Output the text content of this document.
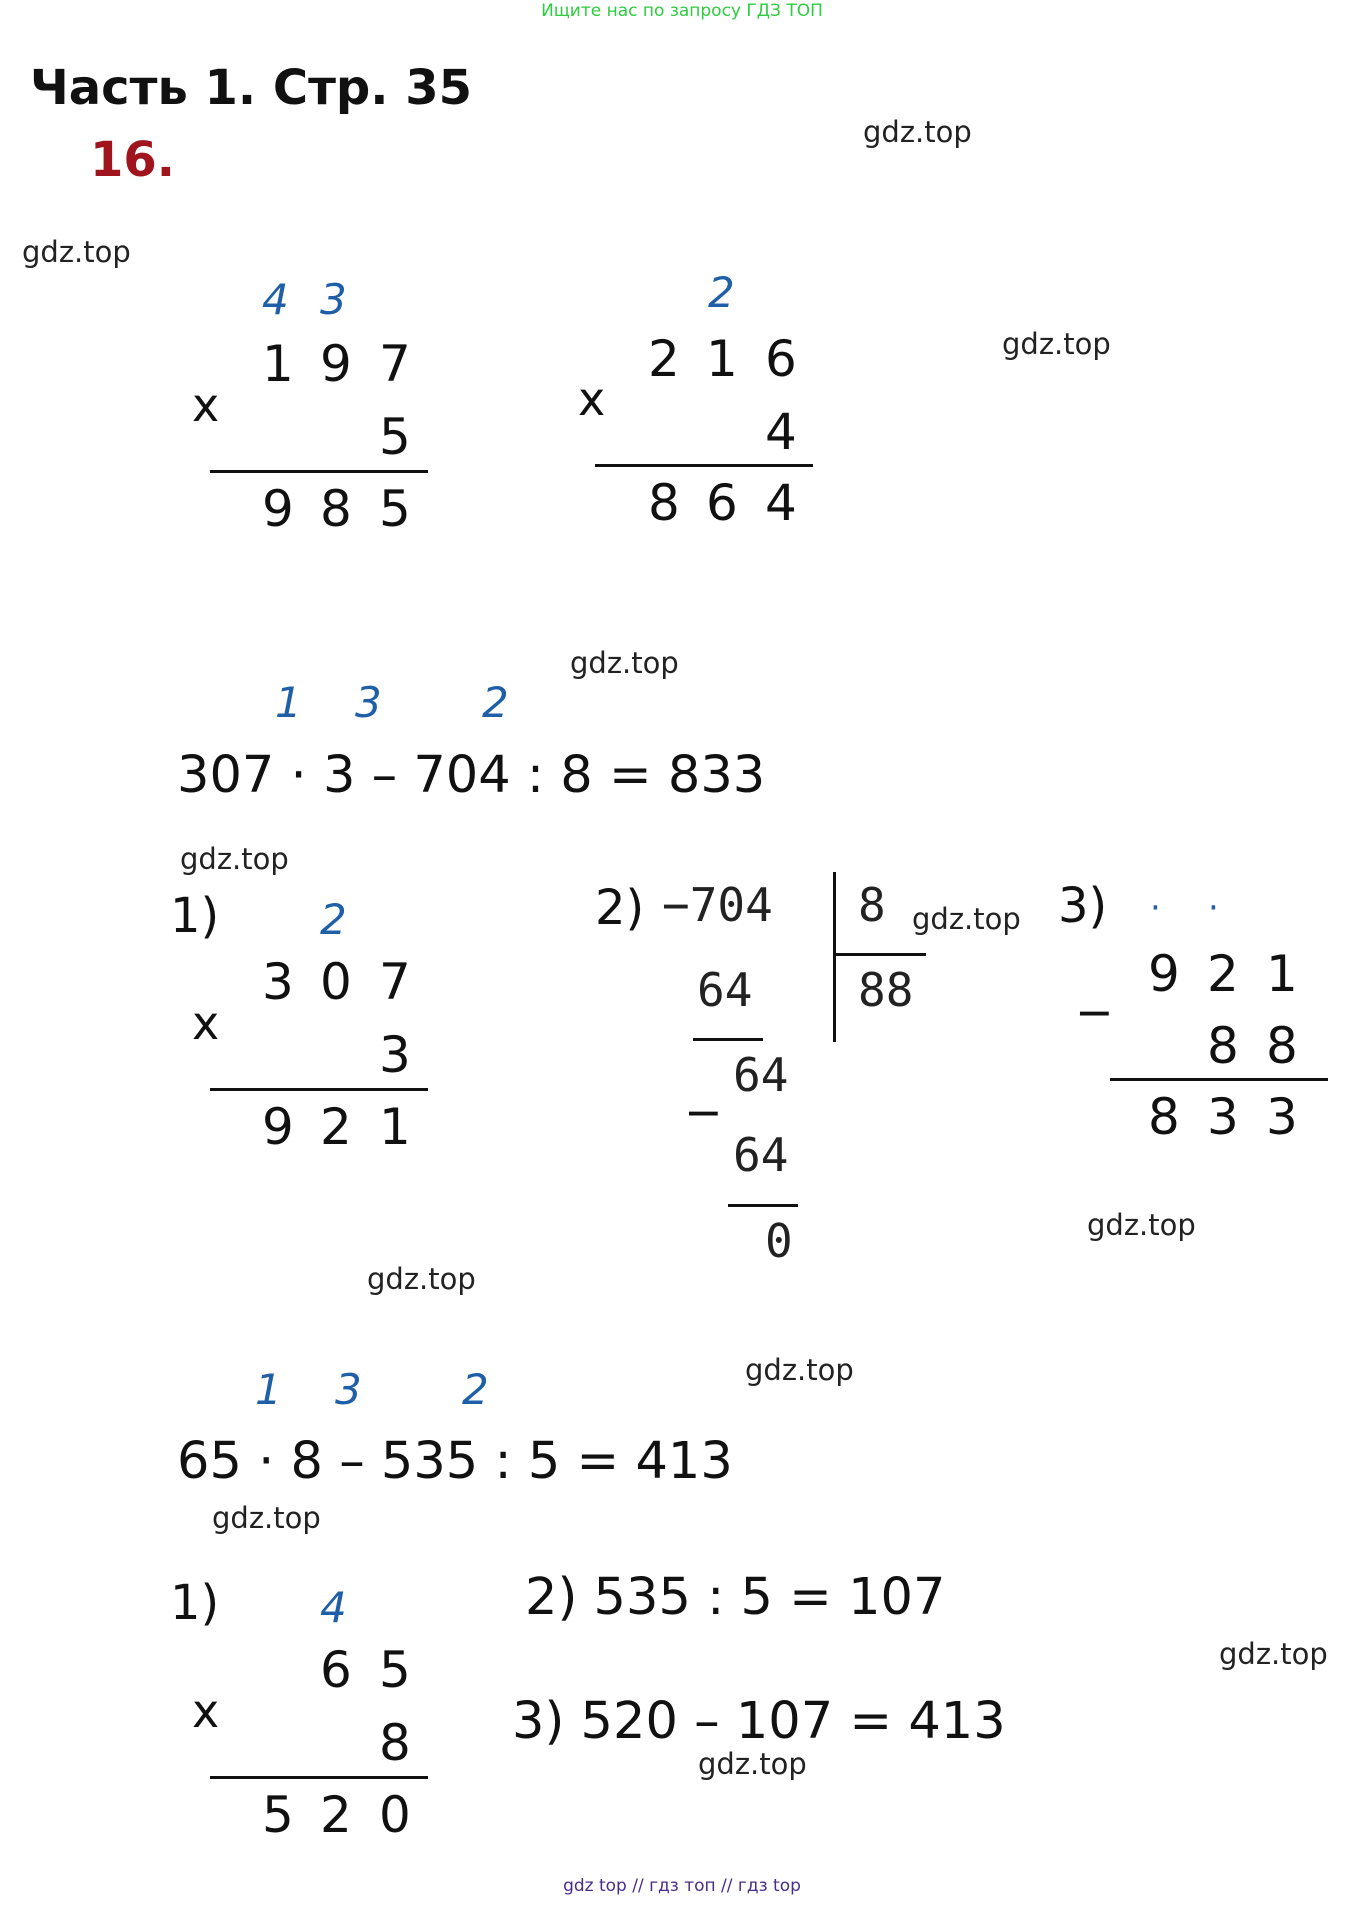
Ищите нас по запросу ГДЗ ТОП
Часть 1. Стр. 35
16.	gdz.top
gdz.top
gdz.top
gdz.top
gdz.top
gdz.top
gdz.top
gdz.top
gdz.top
gdz.top
gdz.top
gdz.top
4 3
1 9 7
x
5
9 8 5
2
2 1 6
x
4
8 6 4
1 3 2
307 · 3 – 704 : 8 = 833
1) 2
3 0 7
x
3
9 2 1
2) −704 8
88
64
64
−
64
0
3) · ·
9 2 1
−
8 8
8 3 3
1 3 2
65 · 8 – 535 : 5 = 413
1) 4
6 5
x
8
5 2 0
2) 535 : 5 = 107
3) 520 – 107 = 413
gdz top // гдз топ // гдз top
